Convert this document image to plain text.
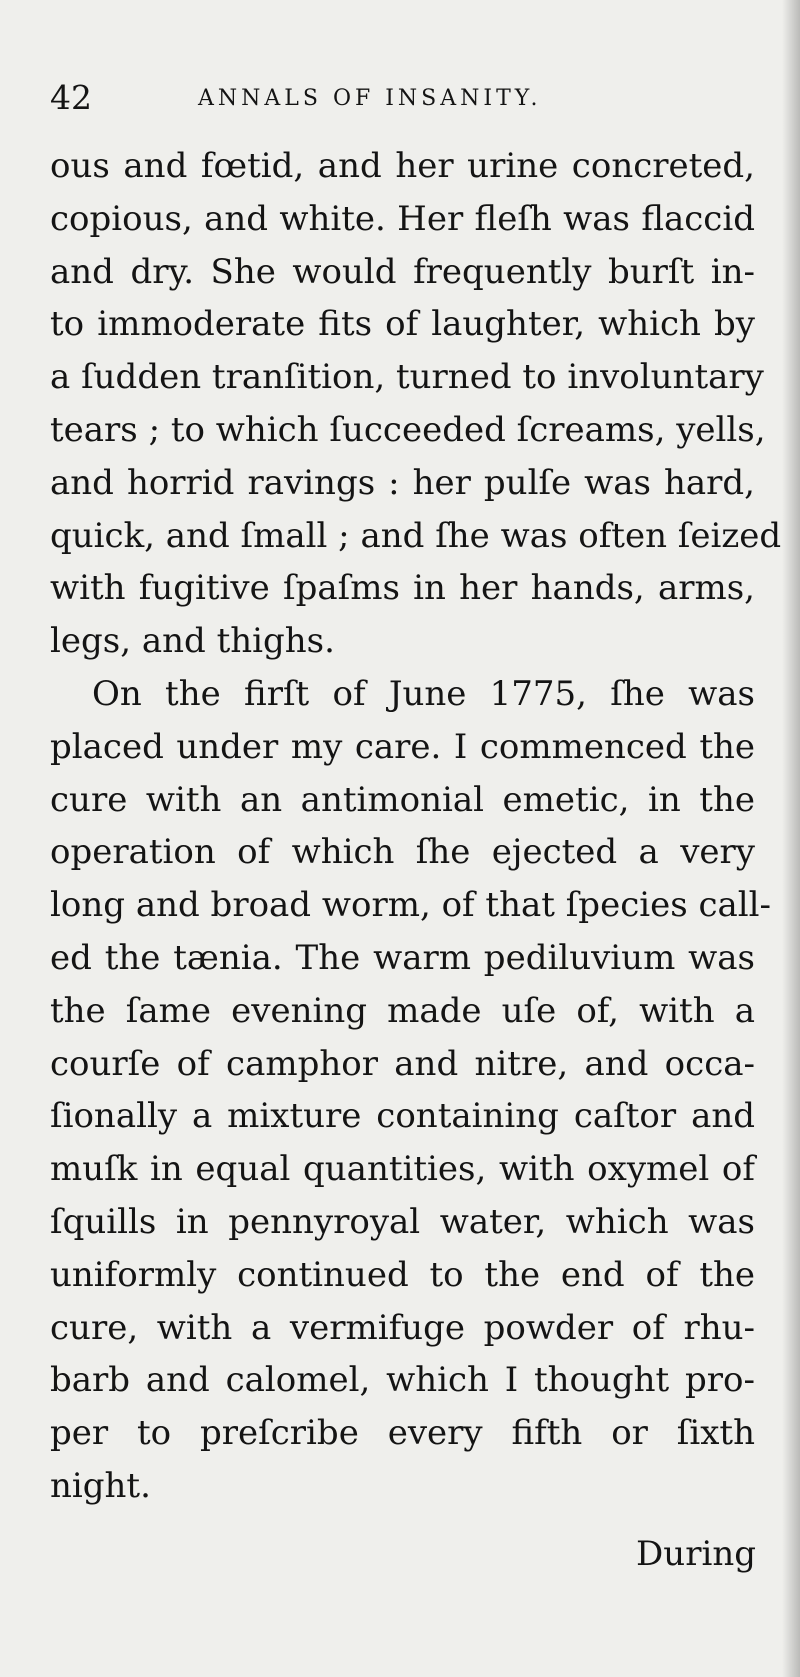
42	ANNALS OF INSANITY.
ous and fœtid, and her urine concreted,
copious, and white. Her fleſh was flaccid
and dry. She would frequently burſt in-
to immoderate fits of laughter, which by
a ſudden tranſition, turned to involuntary
tears ; to which ſucceeded ſcreams, yells,
and horrid ravings : her pulſe was hard,
quick, and ſmall ; and ſhe was often ſeized
with fugitive ſpaſms in her hands, arms,
legs, and thighs.
On the firſt of June 1775, ſhe was
placed under my care. I commenced the
cure with an antimonial emetic, in the
operation of which ſhe ejected a very
long and broad worm, of that ſpecies call-
ed the tænia. The warm pediluvium was
the ſame evening made uſe of, with a
courſe of camphor and nitre, and occa-
ſionally a mixture containing caſtor and
muſk in equal quantities, with oxymel of
ſquills in pennyroyal water, which was
uniformly continued to the end of the
cure, with a vermifuge powder of rhu-
barb and calomel, which I thought pro-
per to preſcribe every fifth or ſixth
night.
During
